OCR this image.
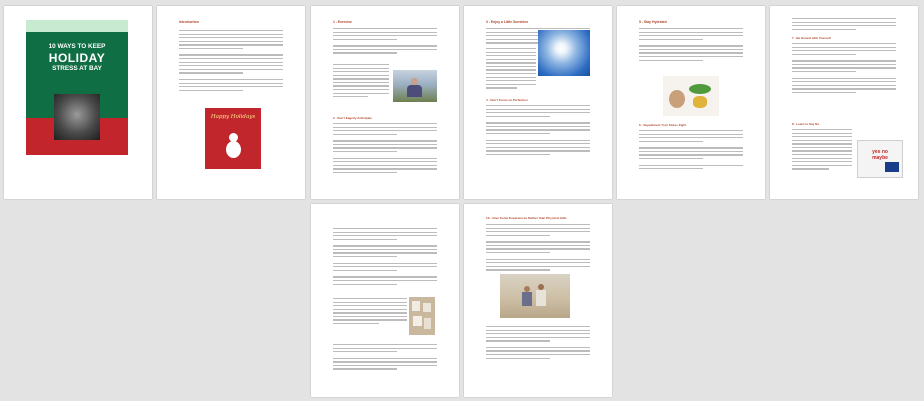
10 WAYS TO KEEP
HOLIDAY
STRESS AT BAY
Introduction
Happy Holidays
1 - Exercise
2 - Don't Eagerly Anticipate
3 - Enjoy a Little Sunshine
4 - Don't Focus on Perfection
5 - Stay Hydrated
6 - Supplement Your Stress Fight
7 - Be Honest with Yourself
8 - Learn to Say No
yes no
maybe
10 - Give Some Experiences Rather than Physical Gifts
